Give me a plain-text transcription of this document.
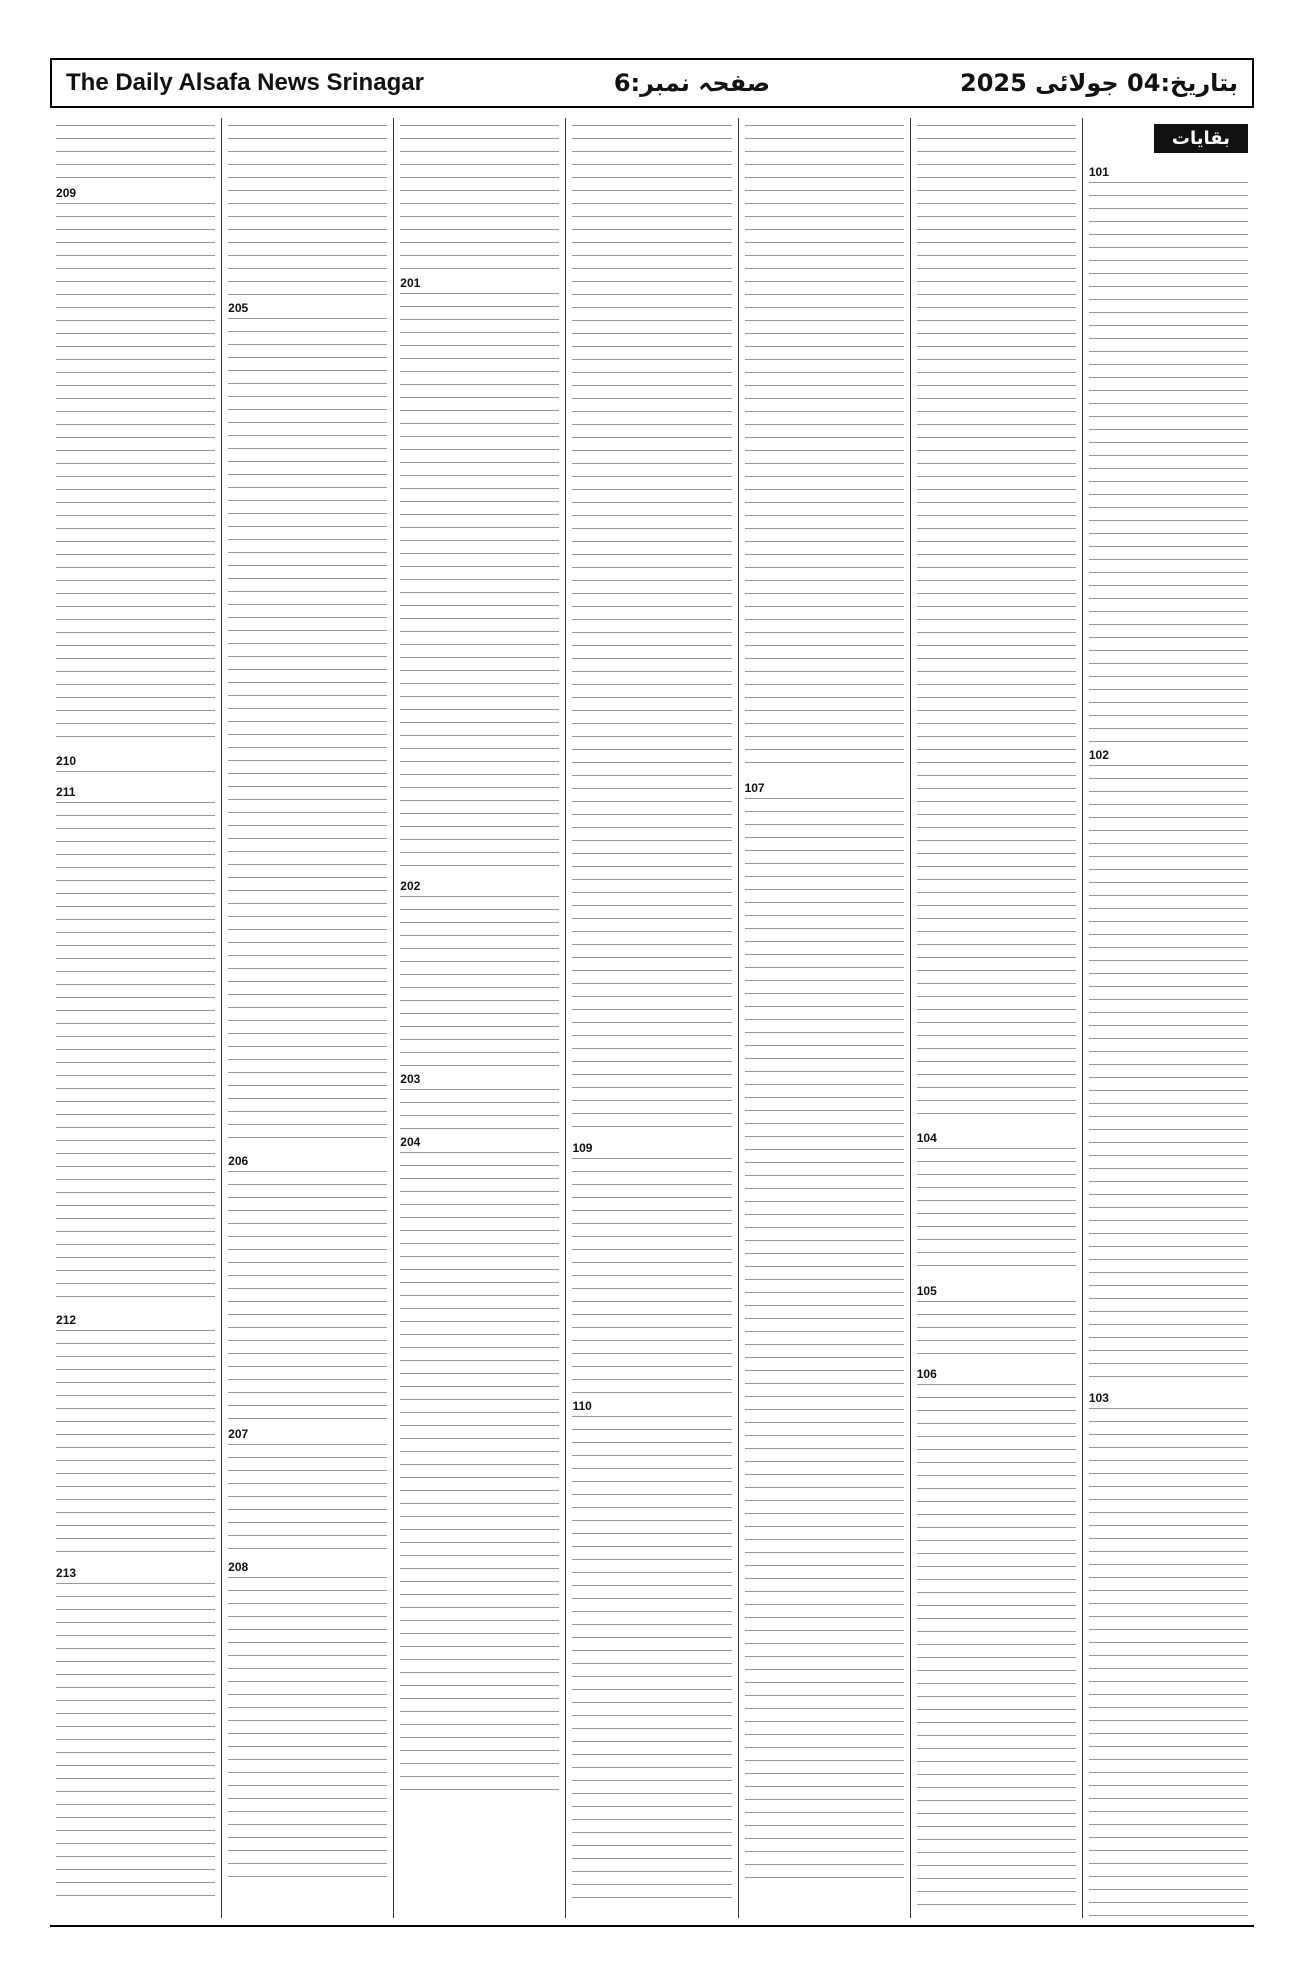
The Daily Alsafa News Srinagar	صفحہ نمبر:6	بتاریخ:04 جولائی 2025
بقایات
101
102
103
104
105
106
107
109
110
201
202
203
204
205
206
207
208
209
210
211
212
213
